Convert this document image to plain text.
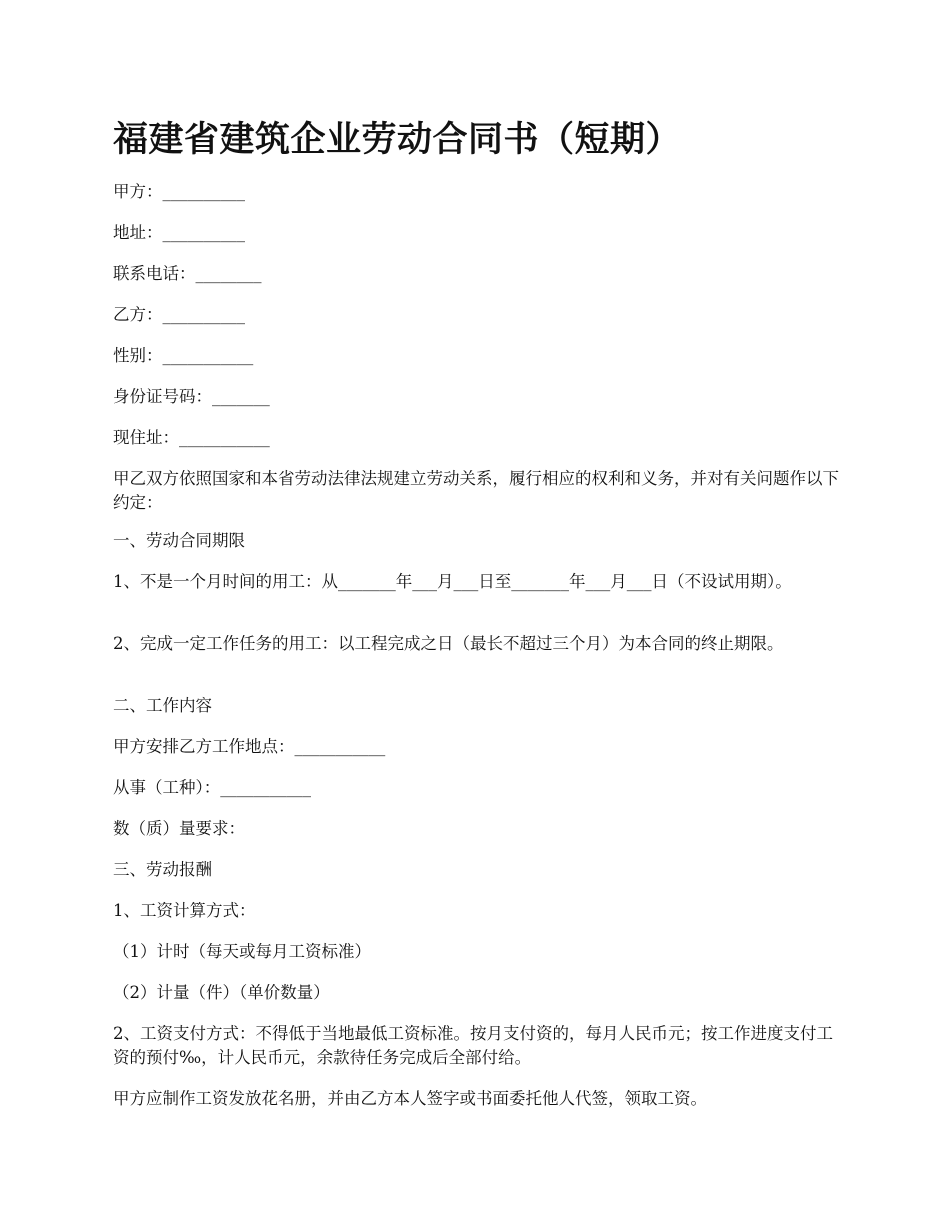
福建省建筑企业劳动合同书（短期）

甲方：__________

地址：__________

联系电话：________

乙方：__________

性别：___________

身份证号码：_______

现住址：___________

甲乙双方依照国家和本省劳动法律法规建立劳动关系，履行相应的权利和义务，并对有关问题作以下约定：

一、劳动合同期限

1、不是一个月时间的用工：从_______年___月___日至_______年___月___日（不设试用期）。

2、完成一定工作任务的用工：以工程完成之日（最长不超过三个月）为本合同的终止期限。

二、工作内容

甲方安排乙方工作地点：___________

从事（工种）：___________

数（质）量要求：

三、劳动报酬

1、工资计算方式：

（1）计时（每天或每月工资标准）

（2）计量（件）（单价数量）

2、工资支付方式：不得低于当地最低工资标准。按月支付资的，每月人民币元；按工作进度支付工资的预付‰，计人民币元，余款待任务完成后全部付给。

甲方应制作工资发放花名册，并由乙方本人签字或书面委托他人代签，领取工资。
